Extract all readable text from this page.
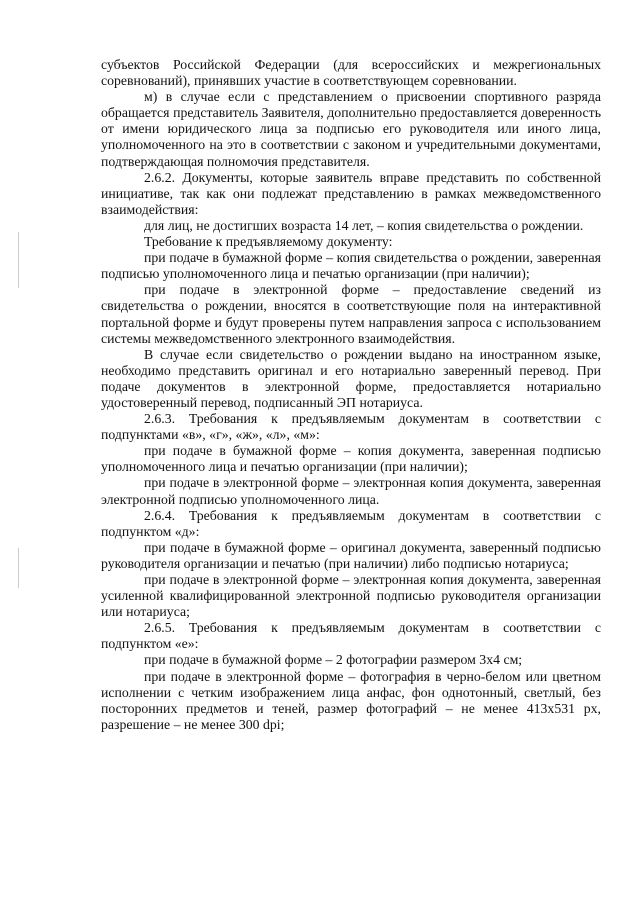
субъектов Российской Федерации (для всероссийских и межрегиональных соревнований), принявших участие в соответствующем соревновании.

м) в случае если с представлением о присвоении спортивного разряда обращается представитель Заявителя, дополнительно предоставляется доверенность от имени юридического лица за подписью его руководителя или иного лица, уполномоченного на это в соответствии с законом и учредительными документами, подтверждающая полномочия представителя.

2.6.2. Документы, которые заявитель вправе представить по собственной инициативе, так как они подлежат представлению в рамках межведомственного взаимодействия:

для лиц, не достигших возраста 14 лет, – копия свидетельства о рождении.

Требование к предъявляемому документу:

при подаче в бумажной форме – копия свидетельства о рождении, заверенная подписью уполномоченного лица и печатью организации (при наличии);

при подаче в электронной форме – предоставление сведений из свидетельства о рождении, вносятся в соответствующие поля на интерактивной портальной форме и будут проверены путем направления запроса с использованием системы межведомственного электронного взаимодействия.

В случае если свидетельство о рождении выдано на иностранном языке, необходимо представить оригинал и его нотариально заверенный перевод. При подаче документов в электронной форме, предоставляется нотариально удостоверенный перевод, подписанный ЭП нотариуса.

2.6.3. Требования к предъявляемым документам в соответствии с подпунктами «в», «г», «ж», «л», «м»:

при подаче в бумажной форме – копия документа, заверенная подписью уполномоченного лица и печатью организации (при наличии);

при подаче в электронной форме – электронная копия документа, заверенная электронной подписью уполномоченного лица.

2.6.4. Требования к предъявляемым документам в соответствии с подпунктом «д»:

при подаче в бумажной форме – оригинал документа, заверенный подписью руководителя организации и печатью (при наличии) либо подписью нотариуса;

при подаче в электронной форме – электронная копия документа, заверенная усиленной квалифицированной электронной подписью руководителя организации или нотариуса;

2.6.5. Требования к предъявляемым документам в соответствии с подпунктом «е»:

при подаче в бумажной форме – 2 фотографии размером 3х4 см;

при подаче в электронной форме – фотография в черно-белом или цветном исполнении с четким изображением лица анфас, фон однотонный, светлый, без посторонних предметов и теней, размер фотографий – не менее 413х531 px, разрешение – не менее 300 dpi;
